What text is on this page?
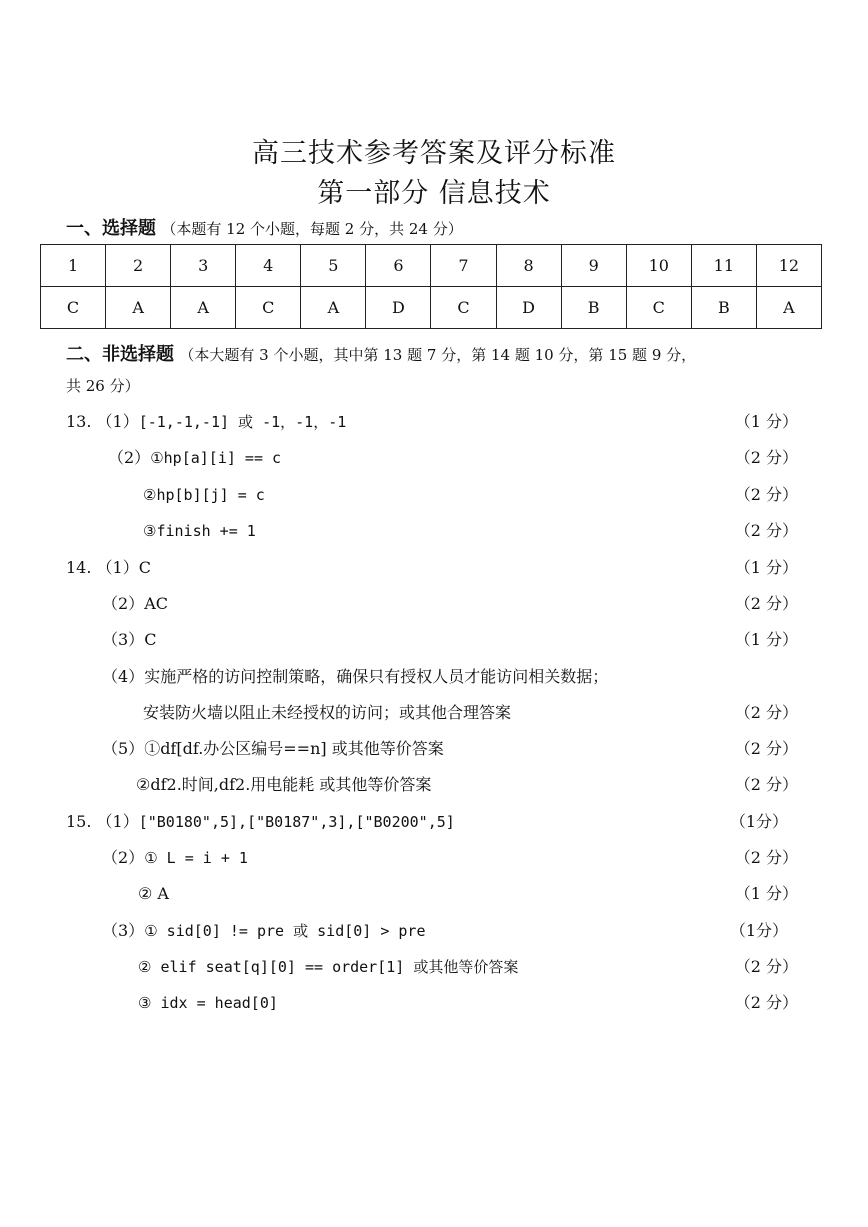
高三技术参考答案及评分标准
第一部分 信息技术
一、选择题 （本题有 12 个小题，每题 2 分，共 24 分）
1	2	3	4	5	6	7	8	9	10	11	12
C	A	A	C	A	D	C	D	B	C	B	A
二、非选择题 （本大题有 3 个小题，其中第 13 题 7 分，第 14 题 10 分，第 15 题 9 分，
共 26 分）
13. （1）[-1,-1,-1] 或 -1，-1，-1	（1 分）
（2）①hp[a][i] == c	（2 分）
②hp[b][j] = c	（2 分）
③finish += 1	（2 分）
14. （1）C	（1 分）
（2）AC	（2 分）
（3）C	（1 分）
（4）实施严格的访问控制策略，确保只有授权人员才能访问相关数据；
安装防火墙以阻止未经授权的访问；或其他合理答案	（2 分）
（5）①df[df.办公区编号==n] 或其他等价答案	（2 分）
②df2.时间,df2.用电能耗 或其他等价答案	（2 分）
15. （1）["B0180",5],["B0187",3],["B0200",5]	（1分）
（2）① L = i + 1	（2 分）
② A	（1 分）
（3）① sid[0] != pre 或 sid[0] > pre	（1分）
② elif seat[q][0] == order[1] 或其他等价答案	（2 分）
③ idx = head[0]	（2 分）
